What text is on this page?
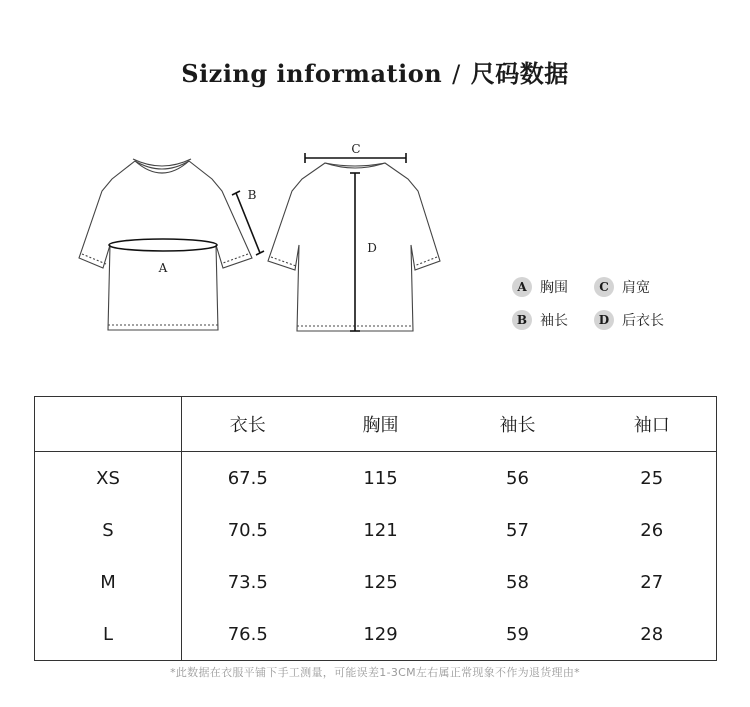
Sizing information / 尺码数据
A
B
C
D
A 胸围	C 肩宽
B 袖长	D 后衣长
	衣长	胸围	袖长	袖口
XS	67.5	115	56	25
S	70.5	121	57	26
M	73.5	125	58	27
L	76.5	129	59	28
*此数据在衣服平铺下手工测量，可能误差1-3CM左右属正常现象不作为退货理由*
